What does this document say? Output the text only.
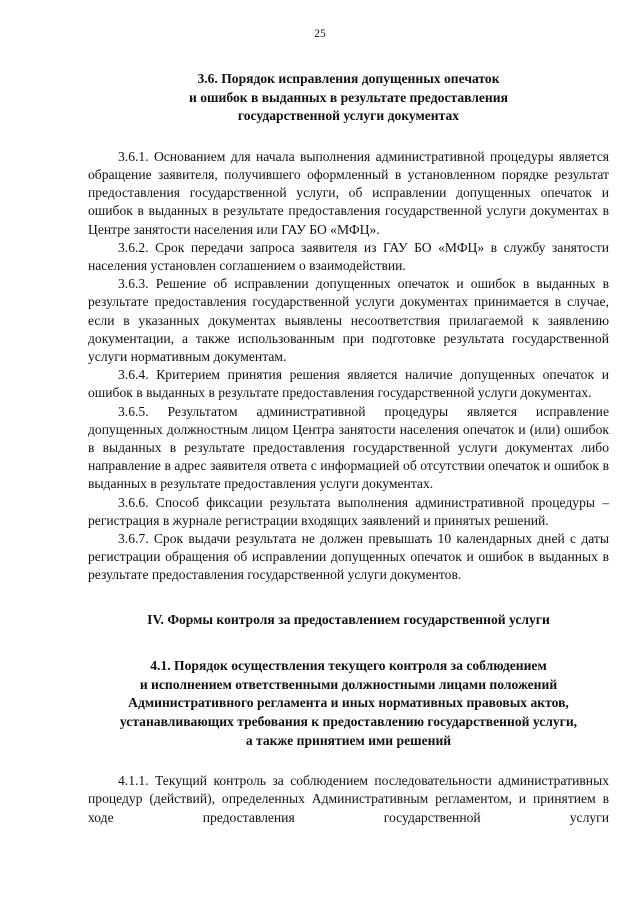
25
3.6. Порядок исправления допущенных опечаток
и ошибок в выданных в результате предоставления
государственной услуги документах

3.6.1. Основанием для начала выполнения административной процедуры является обращение заявителя, получившего оформленный в установленном порядке результат предоставления государственной услуги, об исправлении допущенных опечаток и ошибок в выданных в результате предоставления государственной услуги документах в Центре занятости населения или ГАУ БО «МФЦ».

3.6.2. Срок передачи запроса заявителя из ГАУ БО «МФЦ» в службу занятости населения установлен соглашением о взаимодействии.

3.6.3. Решение об исправлении допущенных опечаток и ошибок в выданных в результате предоставления государственной услуги документах принимается в случае, если в указанных документах выявлены несоответствия прилагаемой к заявлению документации, а также использованным при подготовке результата государственной услуги нормативным документам.

3.6.4. Критерием принятия решения является наличие допущенных опечаток и ошибок в выданных в результате предоставления государственной услуги документах.

3.6.5. Результатом административной процедуры является исправление допущенных должностным лицом Центра занятости населения опечаток и (или) ошибок в выданных в результате предоставления государственной услуги документах либо направление в адрес заявителя ответа с информацией об отсутствии опечаток и ошибок в выданных в результате предоставления услуги документах.

3.6.6. Способ фиксации результата выполнения административной процедуры – регистрация в журнале регистрации входящих заявлений и принятых решений.

3.6.7. Срок выдачи результата не должен превышать 10 календарных дней с даты регистрации обращения об исправлении допущенных опечаток и ошибок в выданных в результате предоставления государственной услуги документов.

IV. Формы контроля за предоставлением государственной услуги
4.1. Порядок осуществления текущего контроля за соблюдением
и исполнением ответственными должностными лицами положений
Административного регламента и иных нормативных правовых актов,
устанавливающих требования к предоставлению государственной услуги,
а также принятием ими решений

4.1.1. Текущий контроль за соблюдением последовательности административных процедур (действий), определенных Административным регламентом, и принятием в ходе предоставления государственной услуги
